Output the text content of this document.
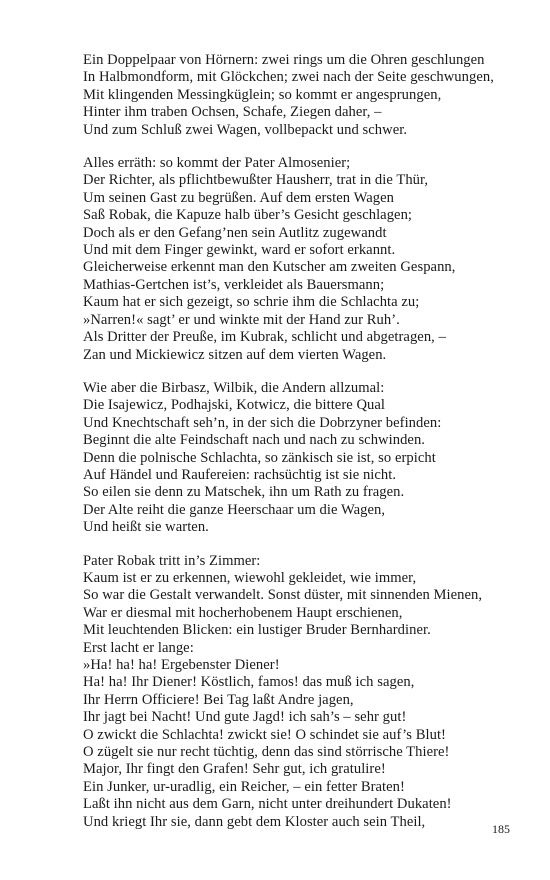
Ein Doppelpaar von Hörnern: zwei rings um die Ohren geschlungen
In Halbmondform, mit Glöckchen; zwei nach der Seite geschwungen,
Mit klingenden Messingküglein; so kommt er angesprungen,
Hinter ihm traben Ochsen, Schafe, Ziegen daher, –
Und zum Schluß zwei Wagen, vollbepackt und schwer.
Alles erräth: so kommt der Pater Almosenier;
Der Richter, als pflichtbewußter Hausherr, trat in die Thür,
Um seinen Gast zu begrüßen. Auf dem ersten Wagen
Saß Robak, die Kapuze halb über’s Gesicht geschlagen;
Doch als er den Gefang’nen sein Autlitz zugewandt
Und mit dem Finger gewinkt, ward er sofort erkannt.
Gleicherweise erkennt man den Kutscher am zweiten Gespann,
Mathias-Gertchen ist’s, verkleidet als Bauersmann;
Kaum hat er sich gezeigt, so schrie ihm die Schlachta zu;
»Narren!« sagt’ er und winkte mit der Hand zur Ruh’.
Als Dritter der Preuße, im Kubrak, schlicht und abgetragen, –
Zan und Mickiewicz sitzen auf dem vierten Wagen.
Wie aber die Birbasz, Wilbik, die Andern allzumal:
Die Isajewicz, Podhajski, Kotwicz, die bittere Qual
Und Knechtschaft seh’n, in der sich die Dobrzyner befinden:
Beginnt die alte Feindschaft nach und nach zu schwinden.
Denn die polnische Schlachta, so zänkisch sie ist, so erpicht
Auf Händel und Raufereien: rachsüchtig ist sie nicht.
So eilen sie denn zu Matschek, ihn um Rath zu fragen.
Der Alte reiht die ganze Heerschaar um die Wagen,
Und heißt sie warten.
Pater Robak tritt in’s Zimmer:
Kaum ist er zu erkennen, wiewohl gekleidet, wie immer,
So war die Gestalt verwandelt. Sonst düster, mit sinnenden Mienen,
War er diesmal mit hocherhobenem Haupt erschienen,
Mit leuchtenden Blicken: ein lustiger Bruder Bernhardiner.
Erst lacht er lange:
»Ha! ha! ha! Ergebenster Diener!
Ha! ha! Ihr Diener! Köstlich, famos! das muß ich sagen,
Ihr Herrn Officiere! Bei Tag laßt Andre jagen,
Ihr jagt bei Nacht! Und gute Jagd! ich sah’s – sehr gut!
O zwickt die Schlachta! zwickt sie! O schindet sie auf’s Blut!
O zügelt sie nur recht tüchtig, denn das sind störrische Thiere!
Major, Ihr fingt den Grafen! Sehr gut, ich gratulire!
Ein Junker, ur-uradlig, ein Reicher, – ein fetter Braten!
Laßt ihn nicht aus dem Garn, nicht unter dreihundert Dukaten!
Und kriegt Ihr sie, dann gebt dem Kloster auch sein Theil,	185
